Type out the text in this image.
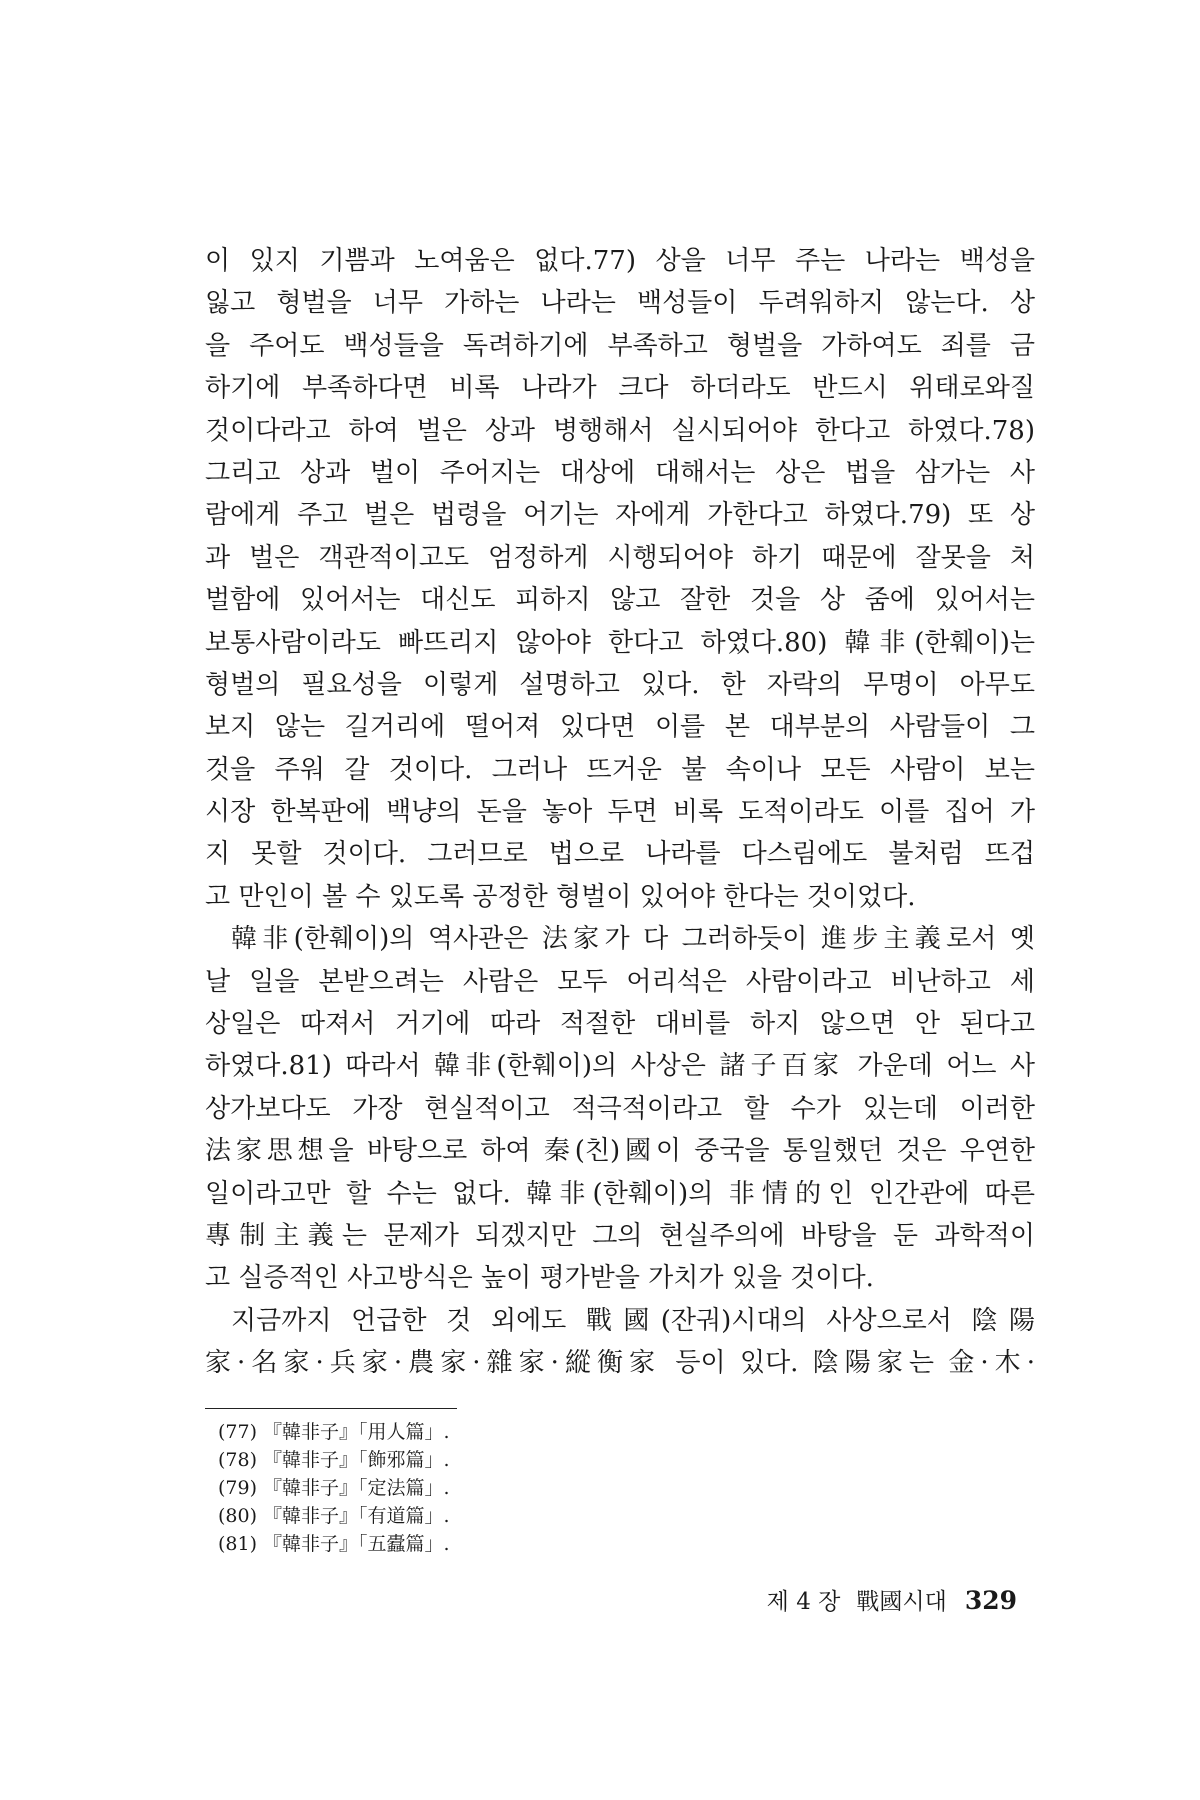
이 있지 기쁨과 노여움은 없다.77) 상을 너무 주는 나라는 백성을
잃고 형벌을 너무 가하는 나라는 백성들이 두려워하지 않는다. 상
을 주어도 백성들을 독려하기에 부족하고 형벌을 가하여도 죄를 금
하기에 부족하다면 비록 나라가 크다 하더라도 반드시 위태로와질
것이다라고 하여 벌은 상과 병행해서 실시되어야 한다고 하였다.78)
그리고 상과 벌이 주어지는 대상에 대해서는 상은 법을 삼가는 사
람에게 주고 벌은 법령을 어기는 자에게 가한다고 하였다.79) 또 상
과 벌은 객관적이고도 엄정하게 시행되어야 하기 때문에 잘못을 처
벌함에 있어서는 대신도 피하지 않고 잘한 것을 상 줌에 있어서는
보통사람이라도 빠뜨리지 않아야 한다고 하였다.80) 韓非(한훼이)는
형벌의 필요성을 이렇게 설명하고 있다. 한 자락의 무명이 아무도
보지 않는 길거리에 떨어져 있다면 이를 본 대부분의 사람들이 그
것을 주워 갈 것이다. 그러나 뜨거운 불 속이나 모든 사람이 보는
시장 한복판에 백냥의 돈을 놓아 두면 비록 도적이라도 이를 집어 가
지 못할 것이다. 그러므로 법으로 나라를 다스림에도 불처럼 뜨겁
고 만인이 볼 수 있도록 공정한 형벌이 있어야 한다는 것이었다.
韓非(한훼이)의 역사관은 法家가 다 그러하듯이 進步主義로서 옛
날 일을 본받으려는 사람은 모두 어리석은 사람이라고 비난하고 세
상일은 따져서 거기에 따라 적절한 대비를 하지 않으면 안 된다고
하였다.81) 따라서 韓非(한훼이)의 사상은 諸子百家 가운데 어느 사
상가보다도 가장 현실적이고 적극적이라고 할 수가 있는데 이러한
法家思想을 바탕으로 하여 秦(친)國이 중국을 통일했던 것은 우연한
일이라고만 할 수는 없다. 韓非(한훼이)의 非情的인 인간관에 따른
專制主義는 문제가 되겠지만 그의 현실주의에 바탕을 둔 과학적이
고 실증적인 사고방식은 높이 평가받을 가치가 있을 것이다.
지금까지 언급한 것 외에도 戰國(잔궈)시대의 사상으로서 陰陽
家·名家·兵家·農家·雜家·縱衡家 등이 있다. 陰陽家는 金·木·
(77) 『韓非子』「用人篇」.
(78) 『韓非子』「飾邪篇」.
(79) 『韓非子』「定法篇」.
(80) 『韓非子』「有道篇」.
(81) 『韓非子』「五蠹篇」.
제 4 장 戰國시대 329
